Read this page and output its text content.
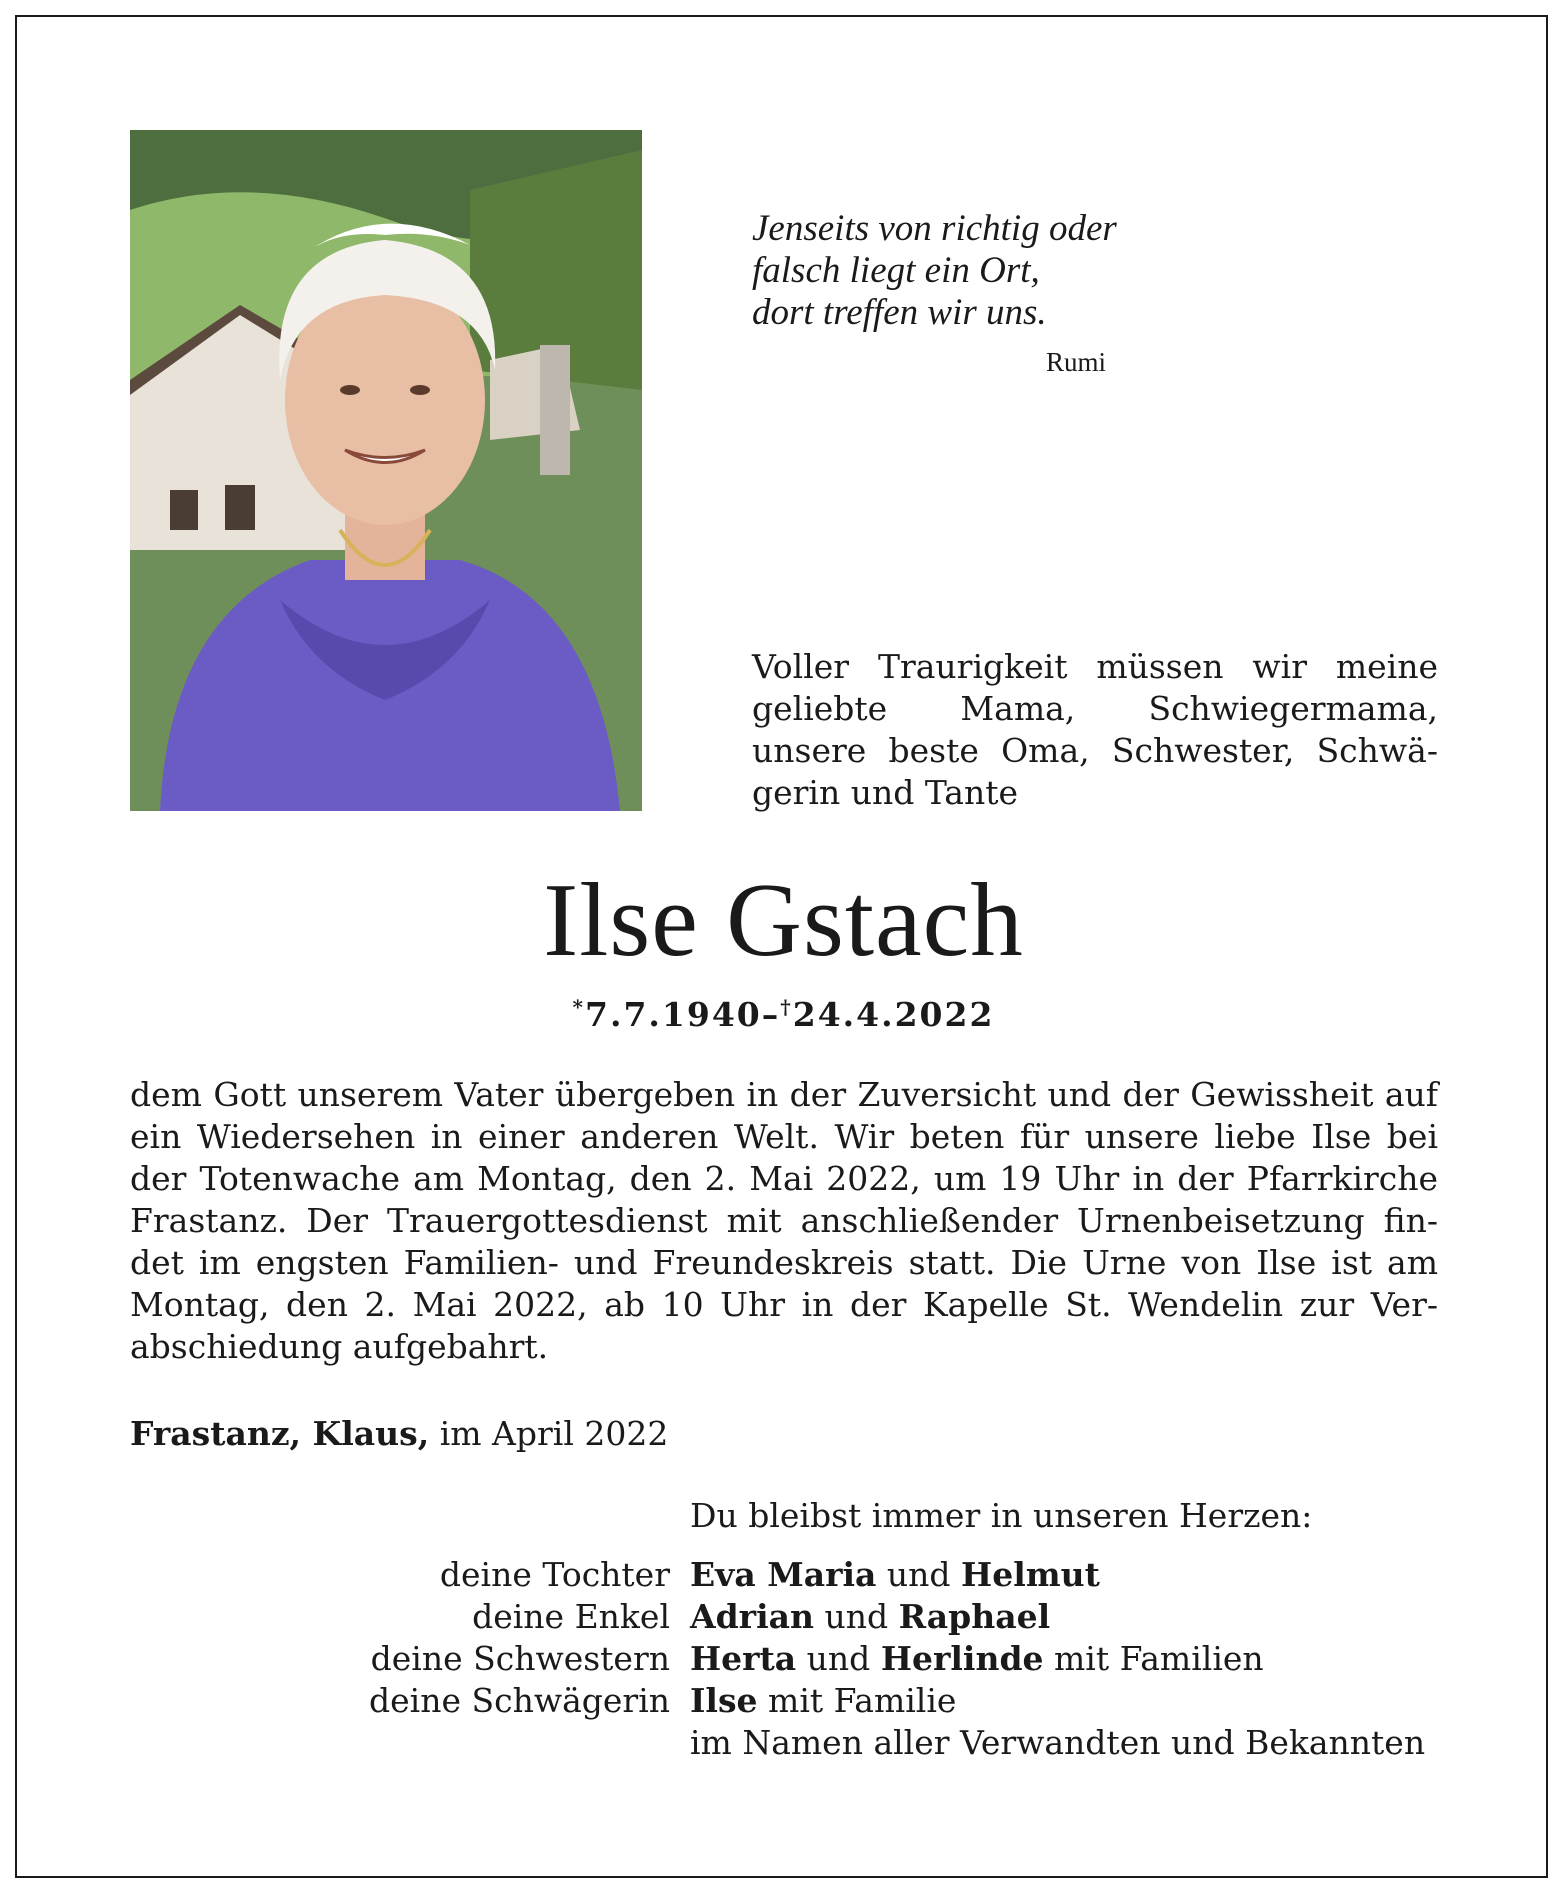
Jenseits von richtig oder
falsch liegt ein Ort,
dort treffen wir uns.
Rumi
Voller Traurigkeit müssen wir meine
geliebte Mama, Schwiegermama,
unsere beste Oma, Schwester, Schwä-
gerin und Tante
Ilse Gstach
*7.7.1940–†24.4.2022
dem Gott unserem Vater übergeben in der Zuversicht und der Gewissheit auf
ein Wiedersehen in einer anderen Welt. Wir beten für unsere liebe Ilse bei
der Totenwache am Montag, den 2. Mai 2022, um 19 Uhr in der Pfarrkirche
Frastanz. Der Trauergottesdienst mit anschließender Urnenbeisetzung fin-
det im engsten Familien- und Freundeskreis statt. Die Urne von Ilse ist am
Montag, den 2. Mai 2022, ab 10 Uhr in der Kapelle St. Wendelin zur Ver-
abschiedung aufgebahrt.
Frastanz, Klaus, im April 2022
Du bleibst immer in unseren Herzen:
deine Tochter
deine Enkel
deine Schwestern
deine Schwägerin
Eva Maria und Helmut
Adrian und Raphael
Herta und Herlinde mit Familien
Ilse mit Familie
im Namen aller Verwandten und Bekannten
